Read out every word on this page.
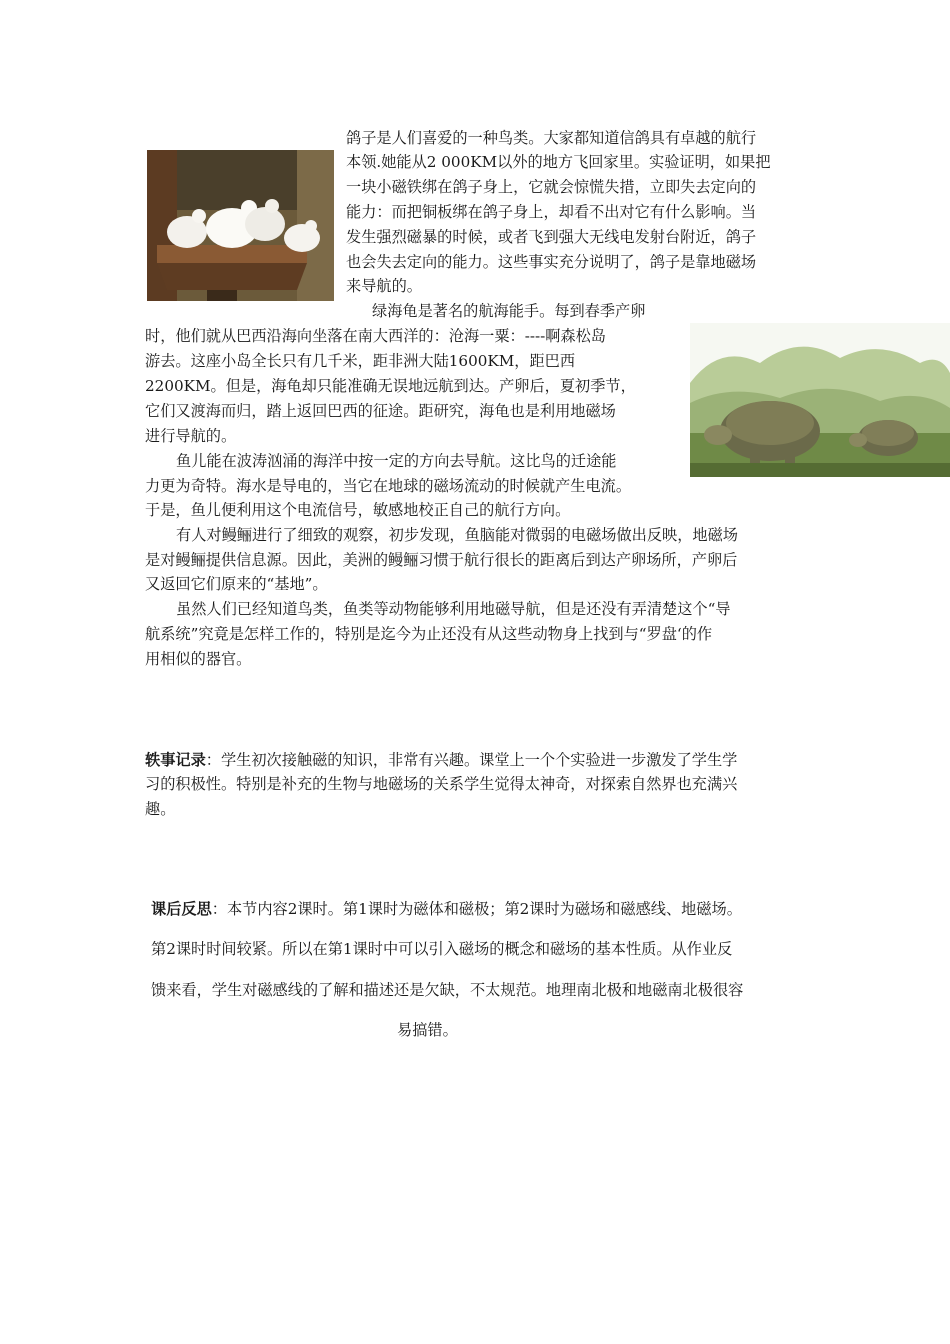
鸽子是人们喜爱的一种鸟类。大家都知道信鸽具有卓越的航行
本领.她能从2 000KM以外的地方飞回家里。实验证明，如果把
一块小磁铁绑在鸽子身上，它就会惊慌失措，立即失去定向的
能力：而把铜板绑在鸽子身上，却看不出对它有什么影响。当
发生强烈磁暴的时候，或者飞到强大无线电发射台附近，鸽子
也会失去定向的能力。这些事实充分说明了，鸽子是靠地磁场
来导航的。
绿海龟是著名的航海能手。每到春季产卵
时，他们就从巴西沿海向坐落在南大西洋的：沧海一粟：----啊森松岛
游去。这座小岛全长只有几千米，距非洲大陆1600KM，距巴西
2200KM。但是，海龟却只能准确无误地远航到达。产卵后，夏初季节，
它们又渡海而归，踏上返回巴西的征途。距研究，海龟也是利用地磁场
进行导航的。
鱼儿能在波涛汹涌的海洋中按一定的方向去导航。这比鸟的迁途能
力更为奇特。海水是导电的，当它在地球的磁场流动的时候就产生电流。
于是，鱼儿便利用这个电流信号，敏感地校正自己的航行方向。
有人对鳗鲡进行了细致的观察，初步发现，鱼脑能对微弱的电磁场做出反映，地磁场
是对鳗鲡提供信息源。因此，美洲的鳗鲡习惯于航行很长的距离后到达产卵场所，产卵后
又返回它们原来的“基地”。
虽然人们已经知道鸟类，鱼类等动物能够利用地磁导航，但是还没有弄清楚这个“导
航系统”究竟是怎样工作的，特别是迄今为止还没有从这些动物身上找到与“罗盘‘的作
用相似的器官。
轶事记录：学生初次接触磁的知识，非常有兴趣。课堂上一个个实验进一步激发了学生学
习的积极性。特别是补充的生物与地磁场的关系学生觉得太神奇，对探索自然界也充满兴
趣。
课后反思：本节内容2课时。第1课时为磁体和磁极；第2课时为磁场和磁感线、地磁场。
第2课时时间较紧。所以在第1课时中可以引入磁场的概念和磁场的基本性质。从作业反
馈来看，学生对磁感线的了解和描述还是欠缺，不太规范。地理南北极和地磁南北极很容
易搞错。
